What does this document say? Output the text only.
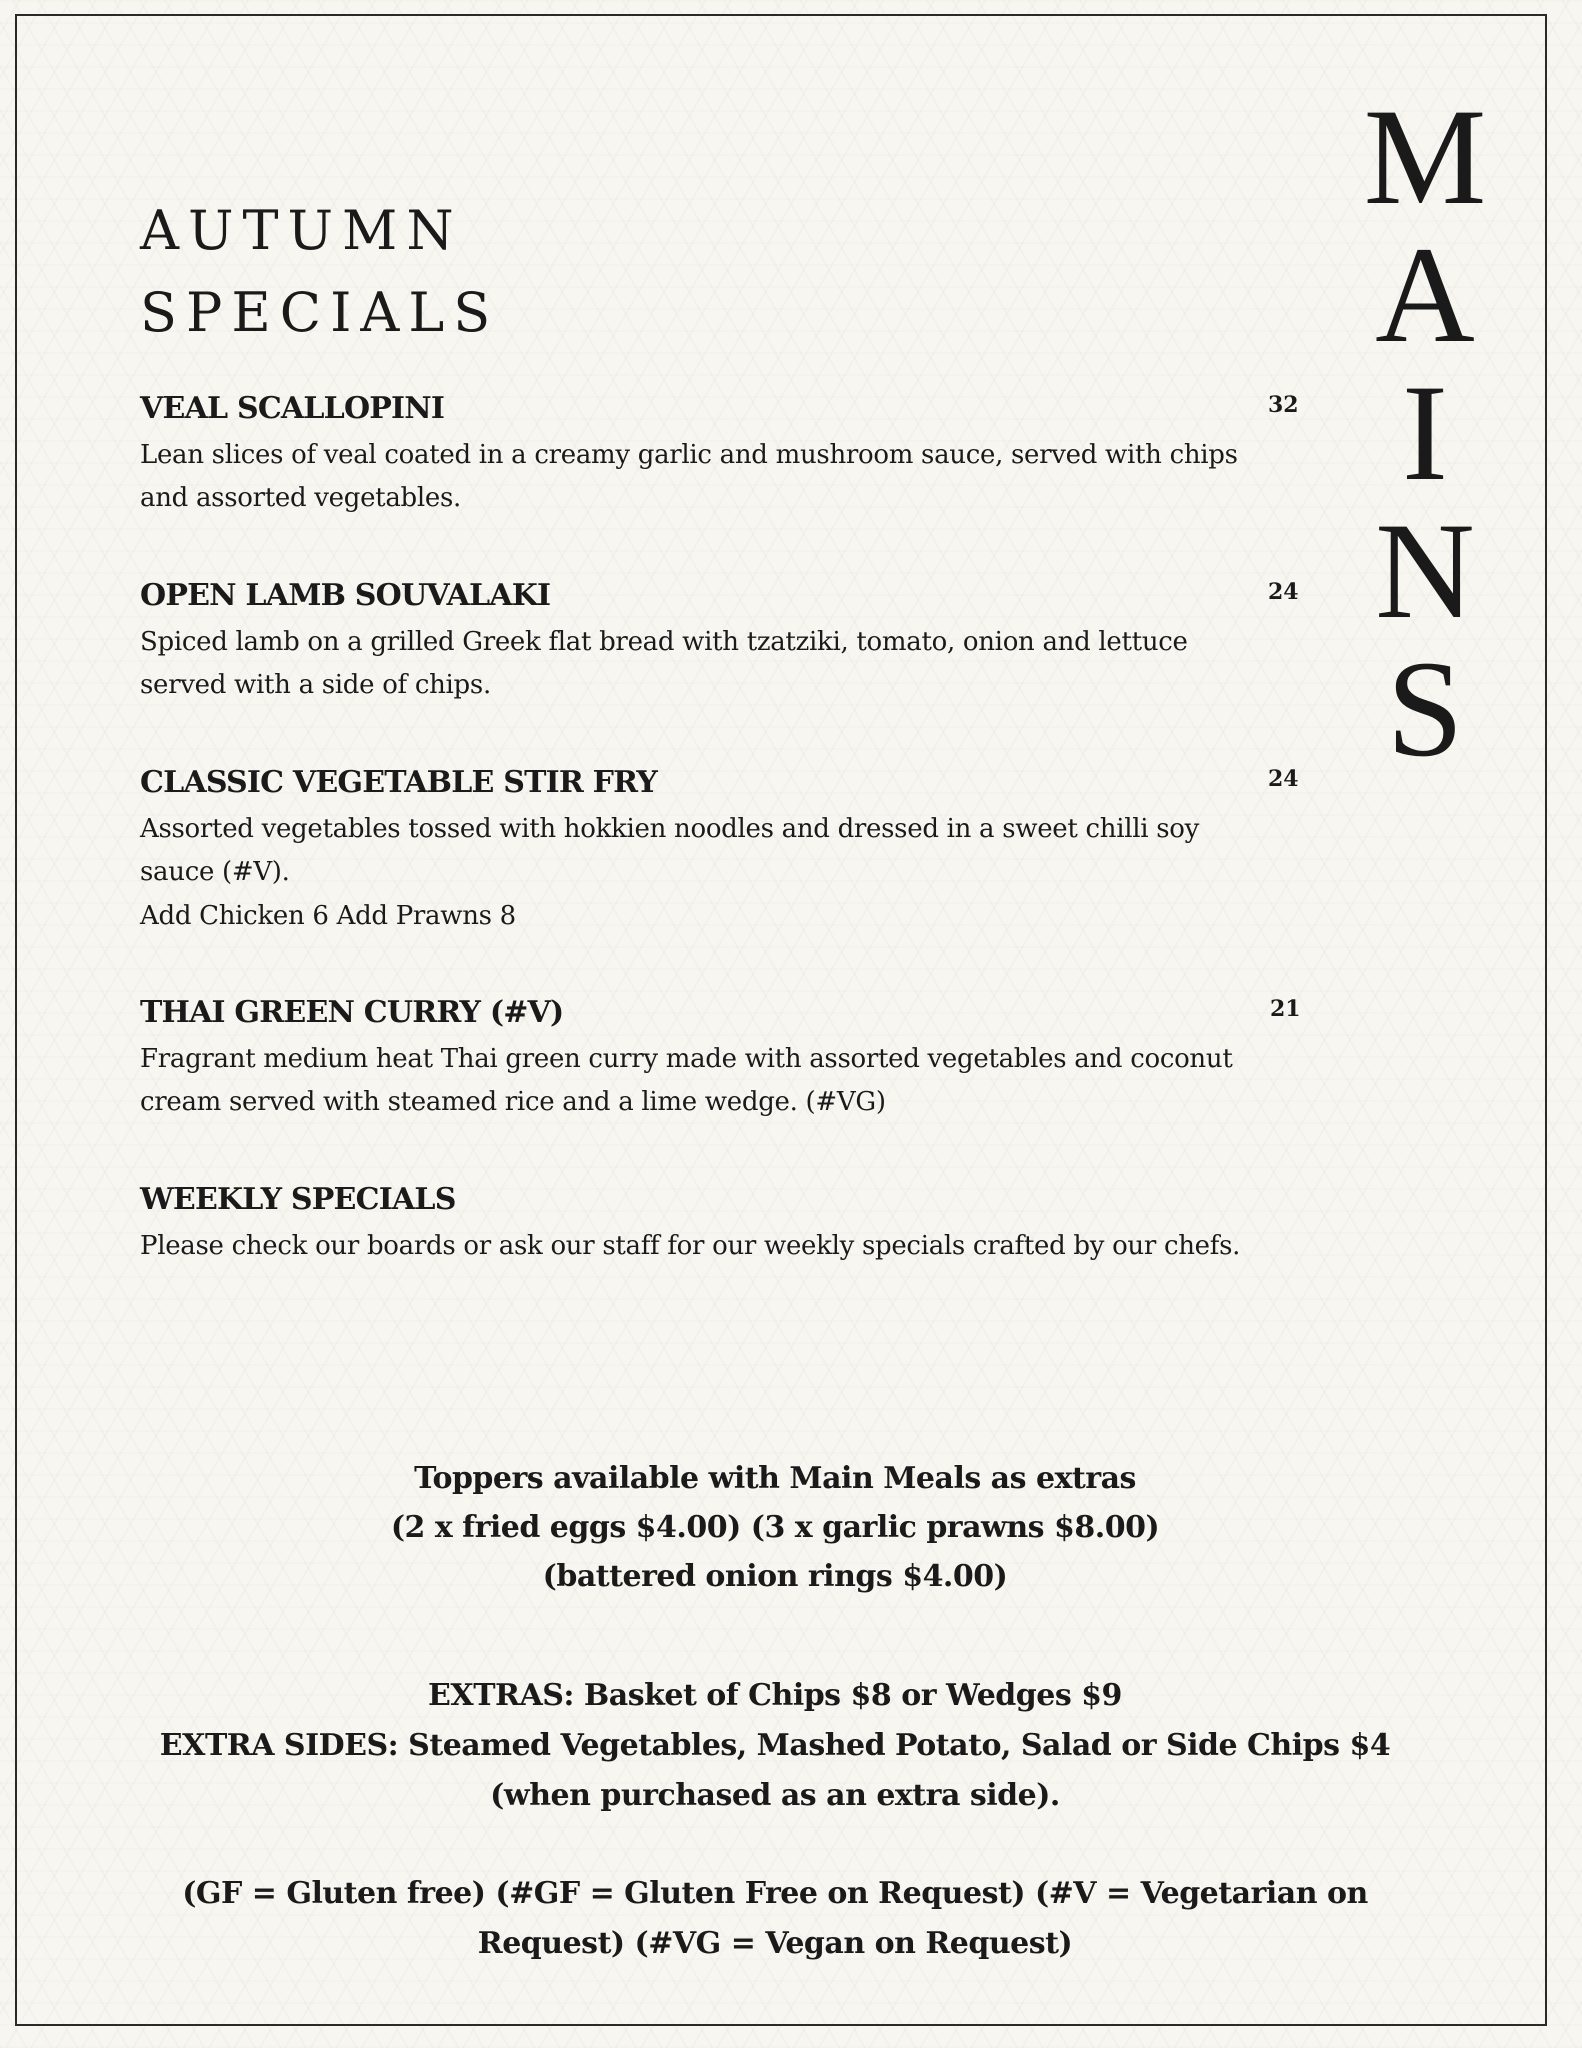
AUTUMN
SPECIALS
M
A
I
N
S
VEAL SCALLOPINI	32
Lean slices of veal coated in a creamy garlic and mushroom sauce, served with chips and assorted vegetables.
OPEN LAMB SOUVALAKI	24
Spiced lamb on a grilled Greek flat bread with tzatziki, tomato, onion and lettuce served with a side of chips.
CLASSIC VEGETABLE STIR FRY	24
Assorted vegetables tossed with hokkien noodles and dressed in a sweet chilli soy sauce (#V).
Add Chicken 6 Add Prawns 8
THAI GREEN CURRY (#V)	21
Fragrant medium heat Thai green curry made with assorted vegetables and coconut cream served with steamed rice and a lime wedge. (#VG)
WEEKLY SPECIALS
Please check our boards or ask our staff for our weekly specials crafted by our chefs.
Toppers available with Main Meals as extras
(2 x fried eggs $4.00) (3 x garlic prawns $8.00)
(battered onion rings $4.00)
EXTRAS: Basket of Chips $8 or Wedges $9
EXTRA SIDES: Steamed Vegetables, Mashed Potato, Salad or Side Chips $4
(when purchased as an extra side).
(GF = Gluten free) (#GF = Gluten Free on Request) (#V = Vegetarian on
Request) (#VG = Vegan on Request)
